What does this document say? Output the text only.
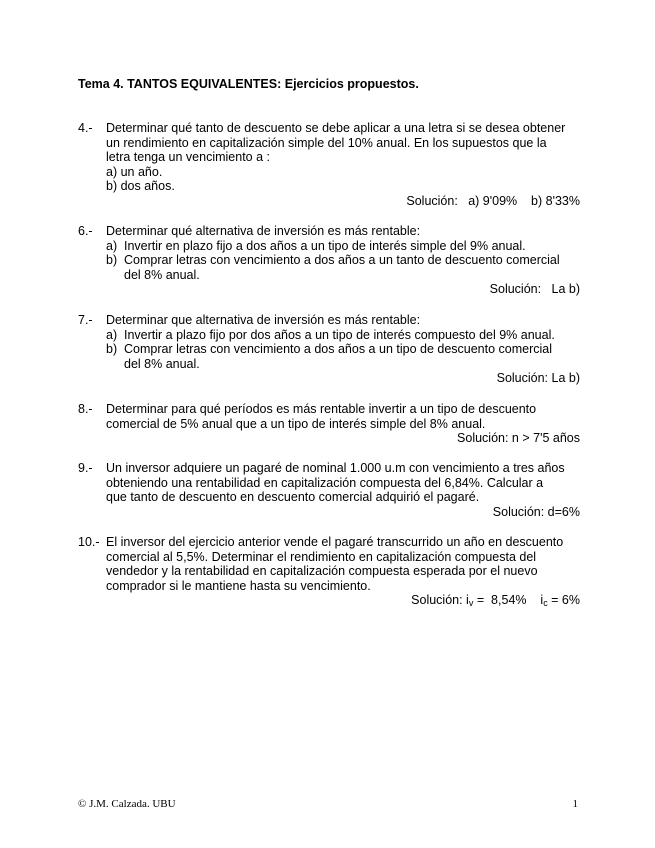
Tema 4. TANTOS EQUIVALENTES: Ejercicios propuestos.
4.- Determinar qué tanto de descuento se debe aplicar a una letra si se desea obtener
un rendimiento en capitalización simple del 10% anual. En los supuestos que la
letra tenga un vencimiento a :
a) un año.
b) dos años.
Solución:   a) 9'09%    b) 8'33%
6.- Determinar qué alternativa de inversión es más rentable:
a) Invertir en plazo fijo a dos años a un tipo de interés simple del 9% anual.
b) Comprar letras con vencimiento a dos años a un tanto de descuento comercial
del 8% anual.
Solución:   La b)
7.- Determinar que alternativa de inversión es más rentable:
a) Invertir a plazo fijo por dos años a un tipo de interés compuesto del 9% anual.
b) Comprar letras con vencimiento a dos años a un tipo de descuento comercial
del 8% anual.
Solución: La b)
8.- Determinar para qué períodos es más rentable invertir a un tipo de descuento
comercial de 5% anual que a un tipo de interés simple del 8% anual.
Solución: n > 7'5 años
9.- Un inversor adquiere un pagaré de nominal 1.000 u.m con vencimiento a tres años
obteniendo una rentabilidad en capitalización compuesta del 6,84%. Calcular a
que tanto de descuento en descuento comercial adquirió el pagaré.
Solución: d=6%
10.- El inversor del ejercicio anterior vende el pagaré transcurrido un año en descuento
comercial al 5,5%. Determinar el rendimiento en capitalización compuesta del
vendedor y la rentabilidad en capitalización compuesta esperada por el nuevo
comprador si le mantiene hasta su vencimiento.
Solución: iv =  8,54%    ic = 6%
© J.M. Calzada. UBU	1
